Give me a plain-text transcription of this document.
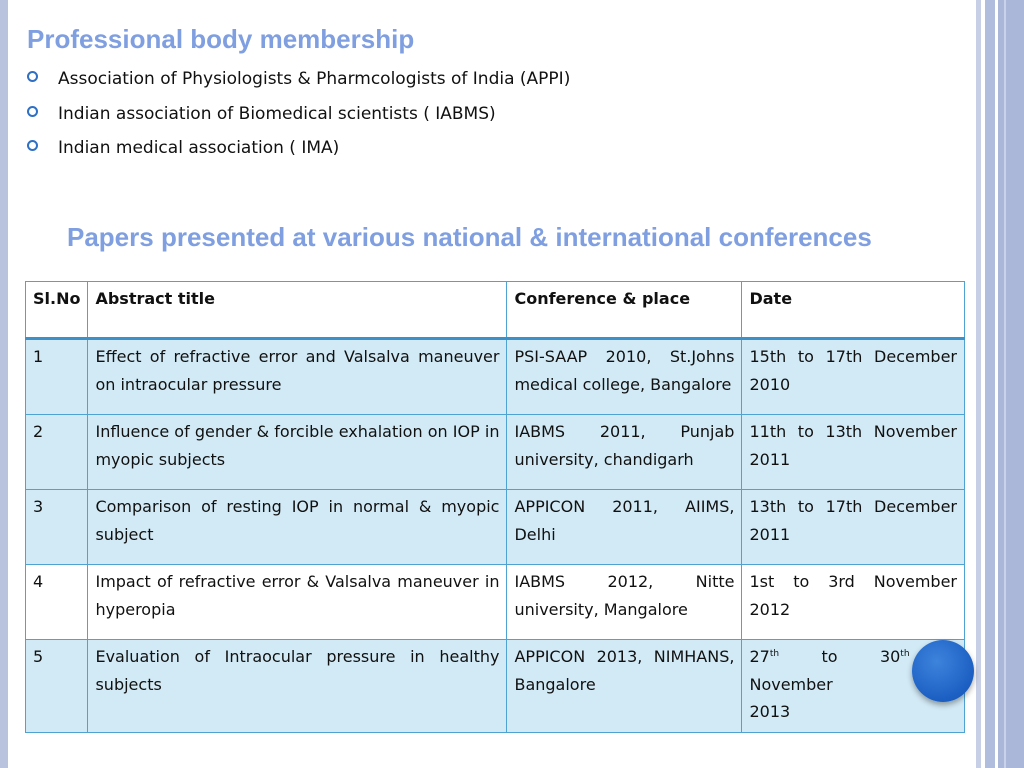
Professional body membership
Association of Physiologists & Pharmcologists of India (APPI)
Indian association of Biomedical scientists ( IABMS)
Indian medical association ( IMA)
Papers presented at various national & international conferences
Sl.No	Abstract title	Conference & place	Date
1	Effect of refractive error and Valsalva maneuver on intraocular pressure	PSI-SAAP 2010, St.Johns medical college, Bangalore	15th to 17th December 2010
2	Influence of gender & forcible exhalation on IOP in myopic subjects	IABMS 2011, Punjab university, chandigarh	11th to 13th November 2011
3	Comparison of resting IOP in normal & myopic subject	APPICON 2011, AIIMS, Delhi	13th to 17th December 2011
4	Impact of refractive error & Valsalva maneuver in hyperopia	IABMS 2012, Nitte university, Mangalore	1st to 3rd November 2012
5	Evaluation of Intraocular pressure in healthy subjects	APPICON 2013, NIMHANS, Bangalore	27th to 30th        November
2013
